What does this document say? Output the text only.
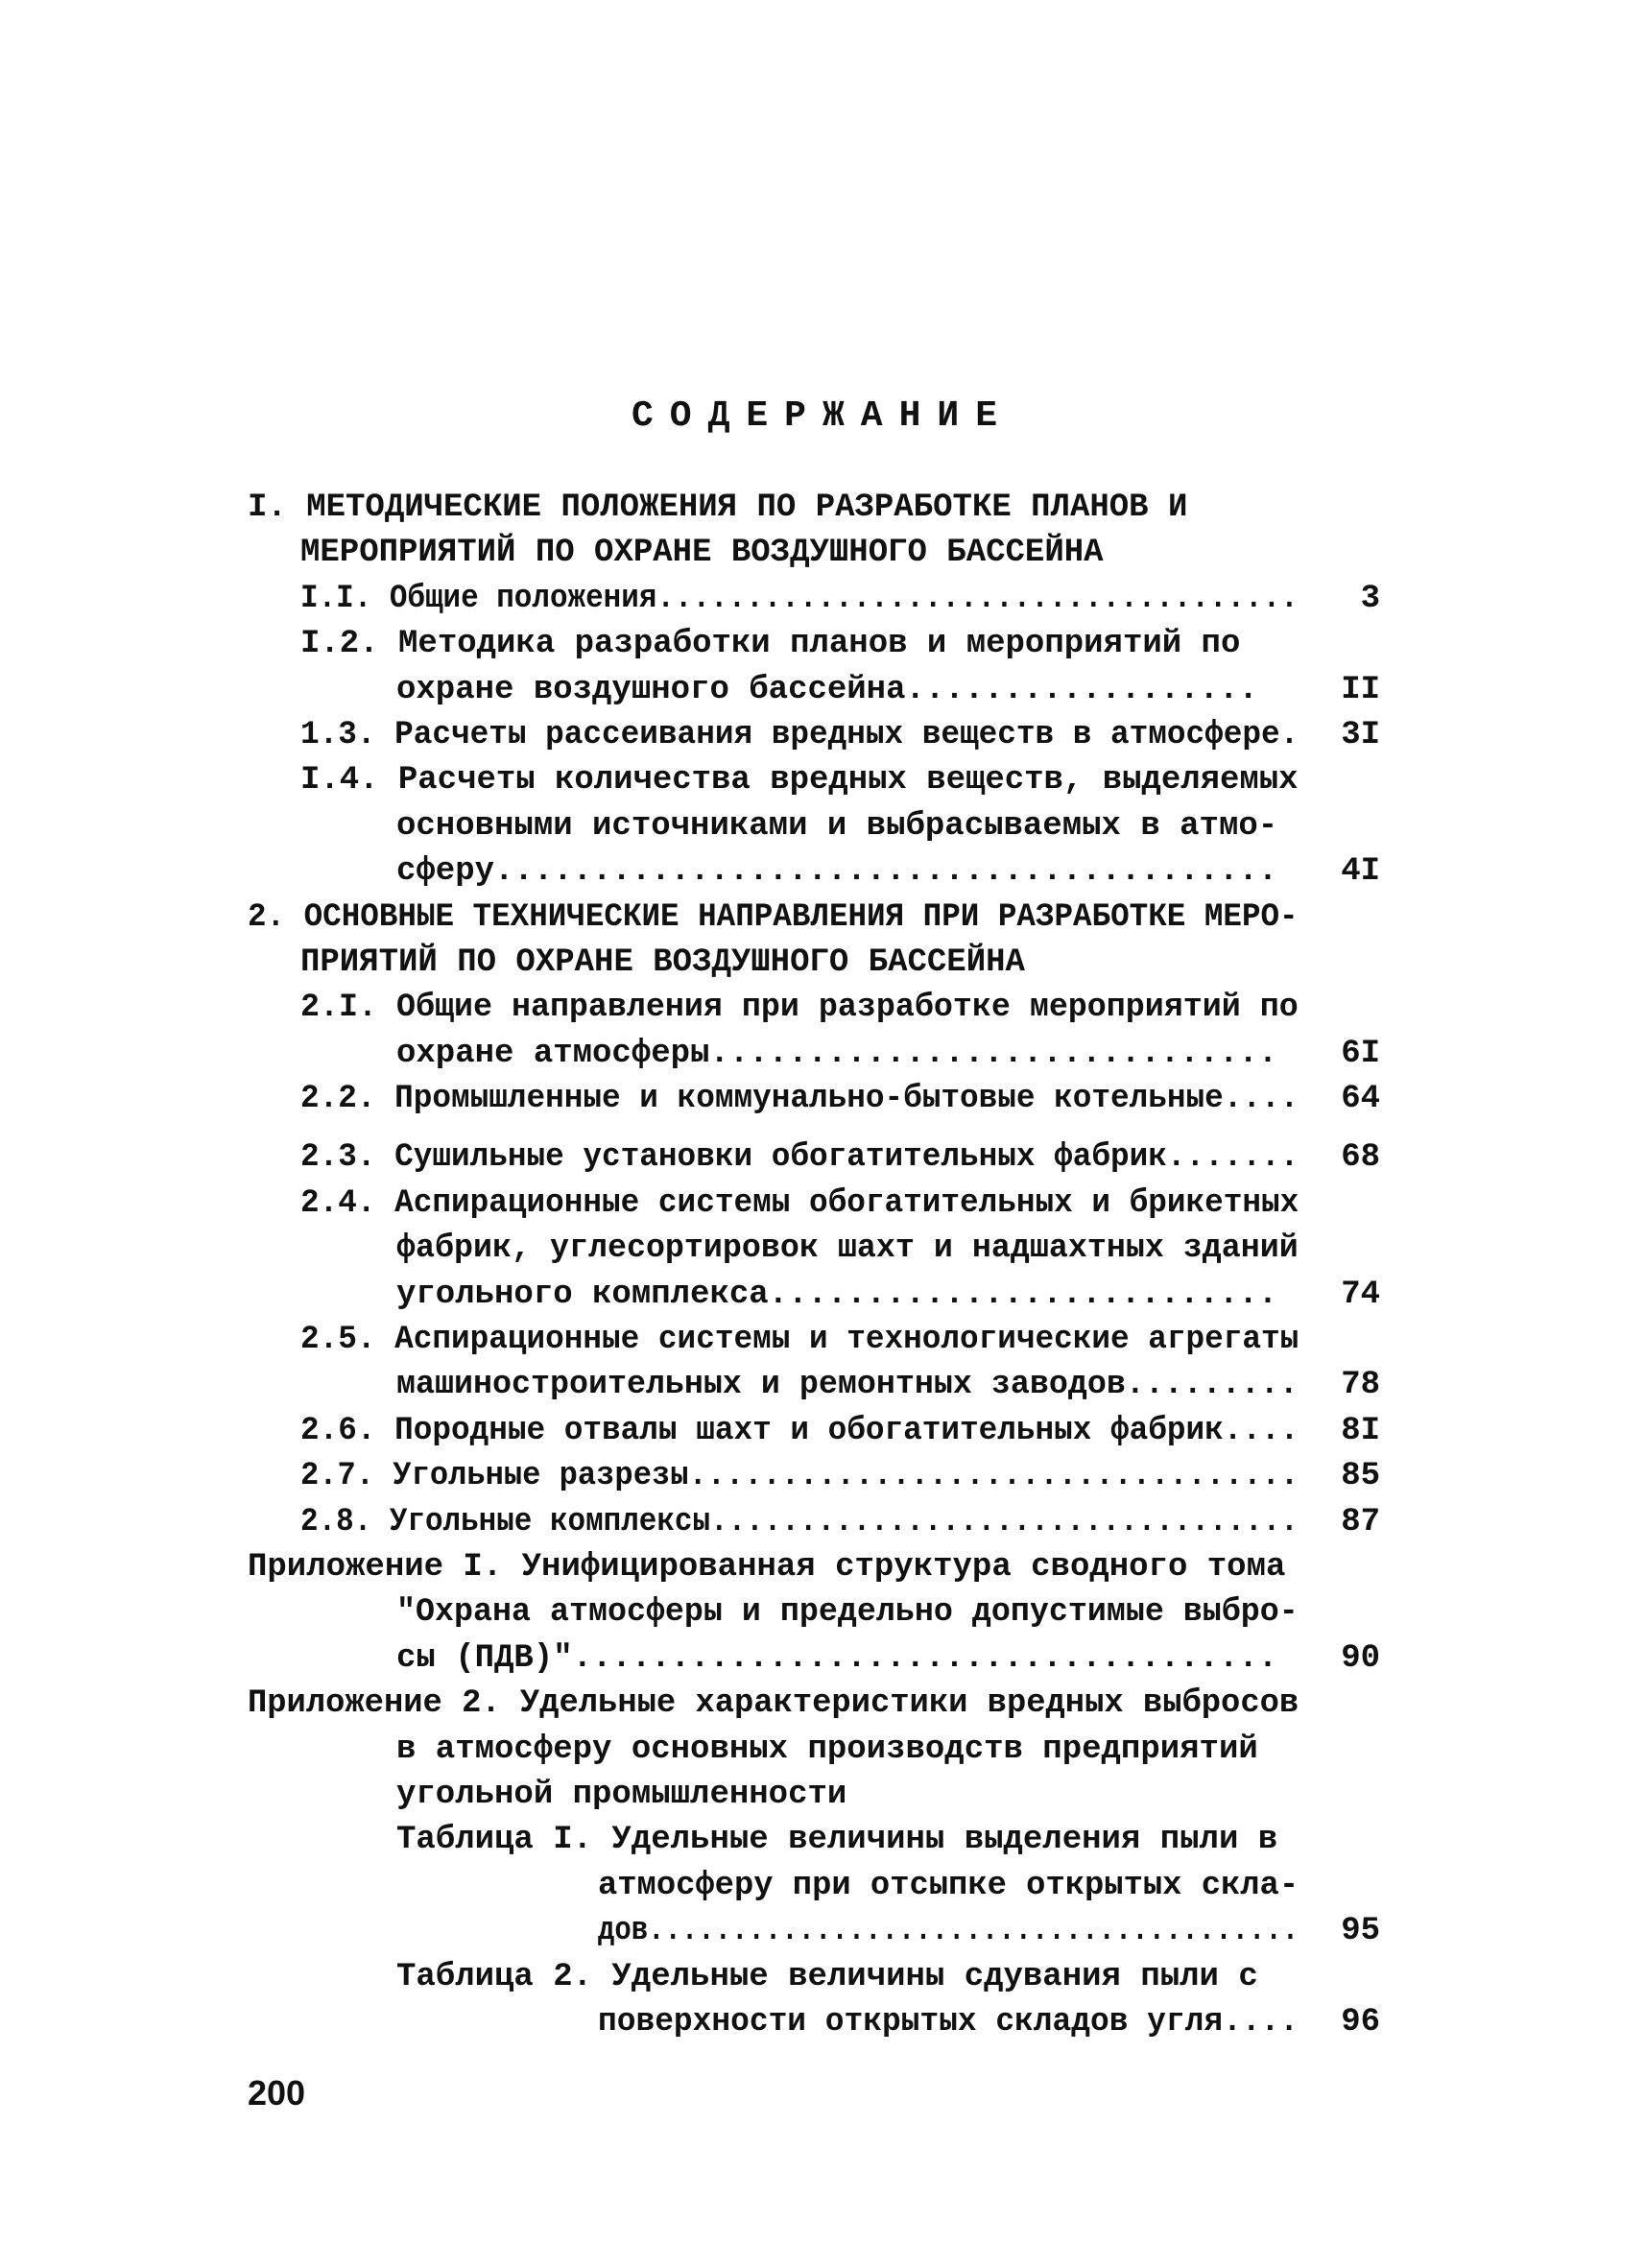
СОДЕРЖАНИЕ
I. МЕТОДИЧЕСКИЕ ПОЛОЖЕНИЯ ПО РАЗРАБОТКЕ ПЛАНОВ И
МЕРОПРИЯТИЙ ПО ОХРАНЕ ВОЗДУШНОГО БАССЕЙНА
I.I. Общие положения.................................... 3
I.2. Методика разработки планов и мероприятий по
охране воздушного бассейна..................	II
1.3. Расчеты рассеивания вредных веществ в атмосфере. 3I
I.4. Расчеты количества вредных веществ, выделяемых
основными источниками и выбрасываемых в атмо-
сферу........................................ 4I
2. ОСНОВНЫЕ ТЕХНИЧЕСКИЕ НАПРАВЛЕНИЯ ПРИ РАЗРАБОТКЕ МЕРО-
ПРИЯТИЙ ПО ОХРАНЕ ВОЗДУШНОГО БАССЕЙНА
2.I. Общие направления при разработке мероприятий по
охране атмосферы............................. 6I
2.2. Промышленные и коммунально-бытовые котельные.... 64
2.3. Сушильные установки обогатительных фабрик....... 68
2.4. Аспирационные системы обогатительных и брикетных
фабрик, углесортировок шахт и надшахтных зданий
угольного комплекса.......................... 74
2.5. Аспирационные системы и технологические агрегаты
машиностроительных и ремонтных заводов......... 78
2.6. Породные отвалы шахт и обогатительных фабрик.... 8I
2.7. Угольные разрезы................................. 85
2.8. Угольные комплексы................................. 87
Приложение I. Унифицированная структура сводного тома
"Охрана атмосферы и предельно допустимые выбро-
сы (ПДВ)".................................... 90
Приложение 2. Удельные характеристики вредных выбросов
в атмосферу основных производств предприятий
угольной промышленности
Таблица I. Удельные величины выделения пыли в
атмосферу при отсыпке открытых скла-
дов....................................... 95
Таблица 2. Удельные величины сдувания пыли с
поверхности открытых складов угля.... 96
200
